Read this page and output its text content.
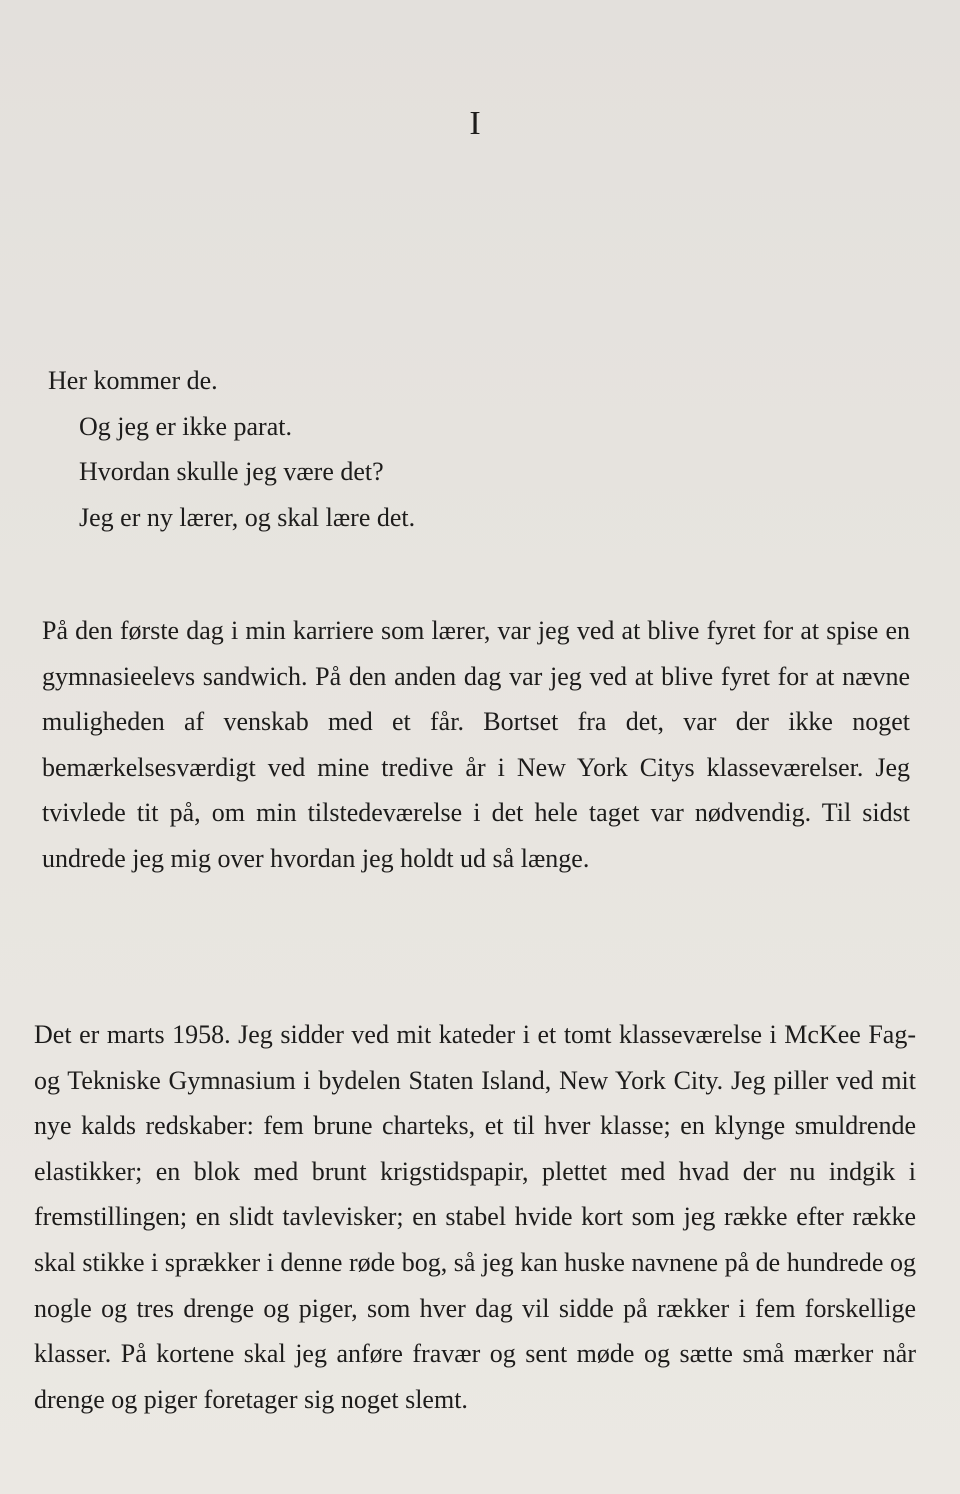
I
Her kommer de.
Og jeg er ikke parat.
Hvordan skulle jeg være det?
Jeg er ny lærer, og skal lære det.

På den første dag i min karriere som lærer, var jeg ved at blive fyret for at spise en gymnasieelevs sandwich. På den anden dag var jeg ved at blive fyret for at nævne muligheden af venskab med et får. Bortset fra det, var der ikke noget bemærkelsesværdigt ved mine tredive år i New York Citys klasseværelser. Jeg tvivlede tit på, om min tilstedeværelse i det hele taget var nødvendig. Til sidst undrede jeg mig over hvordan jeg holdt ud så længe.

Det er marts 1958. Jeg sidder ved mit kateder i et tomt klasseværelse i McKee Fag- og Tekniske Gymnasium i bydelen Staten Island, New York City. Jeg piller ved mit nye kalds redskaber: fem brune charteks, et til hver klasse; en klynge smuldrende elastikker; en blok med brunt krigstidspapir, plettet med hvad der nu indgik i fremstillingen; en slidt tavlevisker; en stabel hvide kort som jeg række efter række skal stikke i sprækker i denne røde bog, så jeg kan huske navnene på de hundrede og nogle og tres drenge og piger, som hver dag vil sidde på rækker i fem forskellige klasser. På kortene skal jeg anføre fravær og sent møde og sætte små mærker når drenge og piger foretager sig noget slemt.
